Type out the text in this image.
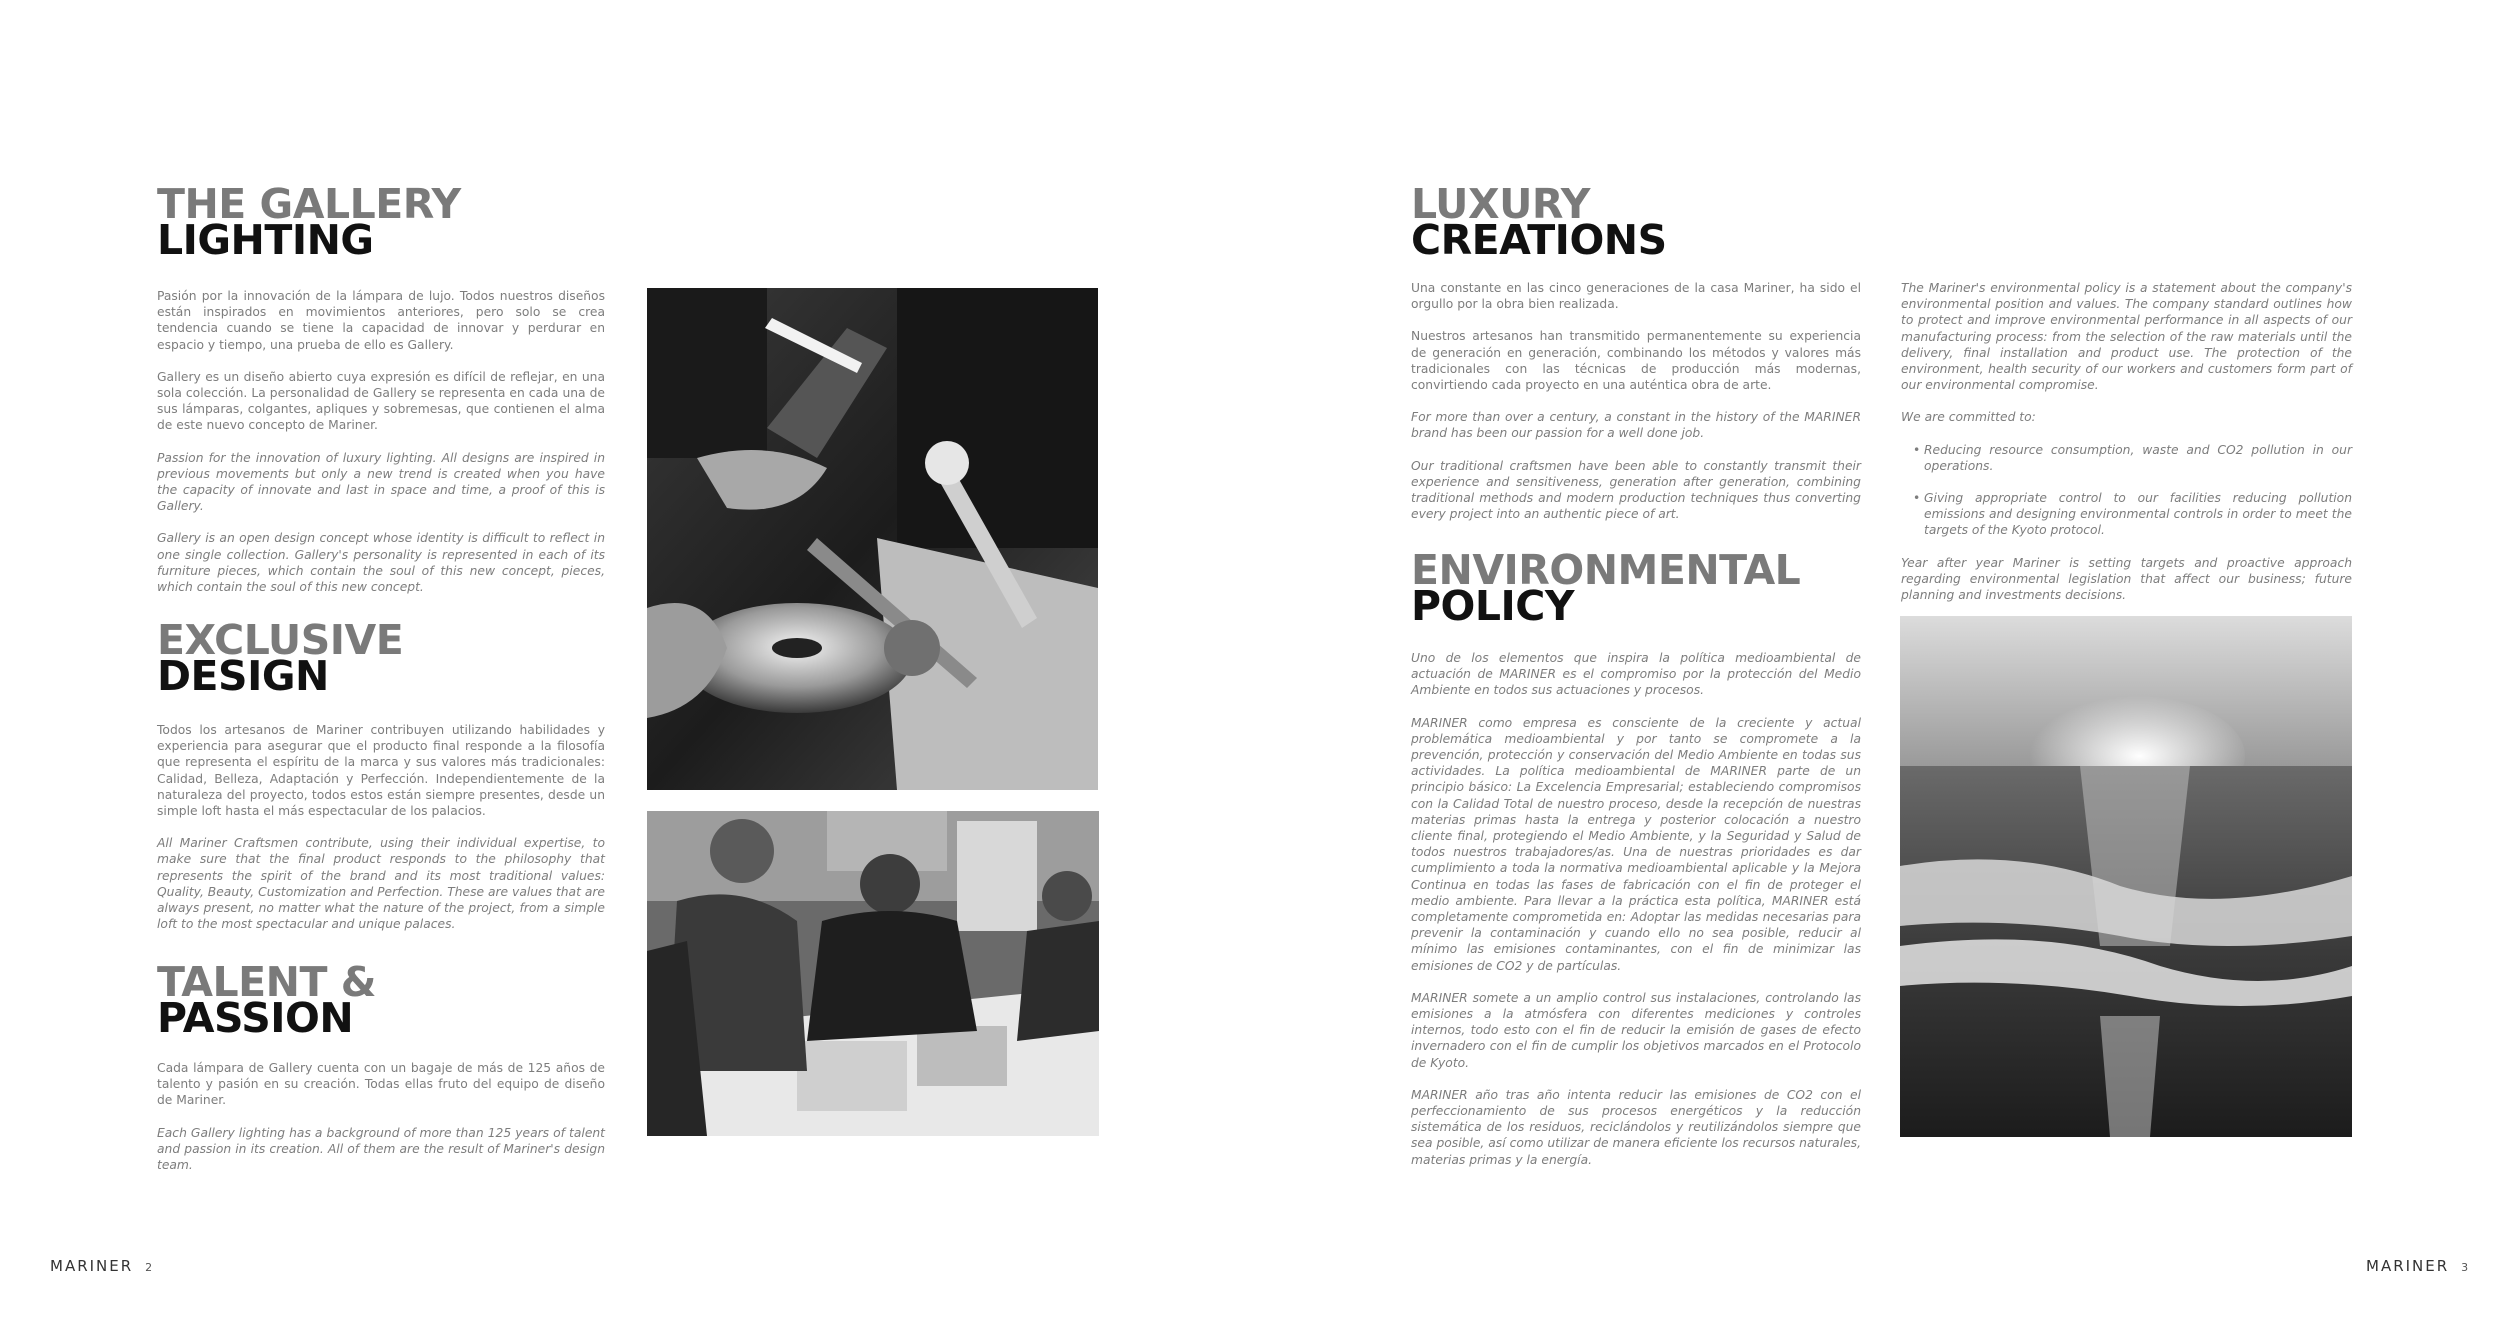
THE GALLERY
LIGHTING

Pasión por la innovación de la lámpara de lujo. Todos nuestros diseños están inspirados en movimientos anteriores, pero solo se crea tendencia cuando se tiene la capacidad de innovar y perdurar en espacio y tiempo, una prueba de ello es Gallery.

Gallery es un diseño abierto cuya expresión es difícil de reflejar, en una sola colección. La personalidad de Gallery se representa en cada una de sus lámparas, colgantes, apliques y sobremesas, que contienen el alma de este nuevo concepto de Mariner.

Passion for the innovation of luxury lighting. All designs are inspired in previous movements but only a new trend is created when you have the capacity of innovate and last in space and time, a proof of this is Gallery.

Gallery is an open design concept whose identity is difficult to reflect in one single collection. Gallery's personality is represented in each of its furniture pieces, which contain the soul of this new concept, pieces, which contain the soul of this new concept.

EXCLUSIVE
DESIGN

Todos los artesanos de Mariner contribuyen utilizando habilidades y experiencia para asegurar que el producto final responde a la filosofía que representa el espíritu de la marca y sus valores más tradicionales: Calidad, Belleza, Adaptación y Perfección. Independientemente de la naturaleza del proyecto, todos estos están siempre presentes, desde un simple loft hasta el más espectacular de los palacios.

All Mariner Craftsmen contribute, using their individual expertise, to make sure that the final product responds to the philosophy that represents the spirit of the brand and its most traditional values: Quality, Beauty, Customization and Perfection. These are values that are always present, no matter what the nature of the project, from a simple loft to the most spectacular and unique palaces.

TALENT &
PASSION

Cada lámpara de Gallery cuenta con un bagaje de más de 125 años de talento y pasión en su creación. Todas ellas fruto del equipo de diseño de Mariner.

Each Gallery lighting has a background of more than 125 years of talent and passion in its creation. All of them are the result of Mariner's design team.

MARINER 2
LUXURY
CREATIONS

Una constante en las cinco generaciones de la casa Mariner, ha sido el orgullo por la obra bien realizada.

Nuestros artesanos han transmitido permanentemente su experiencia de generación en generación, combinando los métodos y valores más tradicionales con las técnicas de producción más modernas, convirtiendo cada proyecto en una auténtica obra de arte.

For more than over a century, a constant in the history of the MARINER brand has been our passion for a well done job.

Our traditional craftsmen have been able to constantly transmit their experience and sensitiveness, generation after generation, combining traditional methods and modern production techniques thus converting every project into an authentic piece of art.

ENVIRONMENTAL
POLICY

Uno de los elementos que inspira la política medioambiental de actuación de MARINER es el compromiso por la protección del Medio Ambiente en todos sus actuaciones y procesos.

MARINER como empresa es consciente de la creciente y actual problemática medioambiental y por tanto se compromete a la prevención, protección y conservación del Medio Ambiente en todas sus actividades. La política medioambiental de MARINER parte de un principio básico: La Excelencia Empresarial; estableciendo compromisos con la Calidad Total de nuestro proceso, desde la recepción de nuestras materias primas hasta la entrega y posterior colocación a nuestro cliente final, protegiendo el Medio Ambiente, y la Seguridad y Salud de todos nuestros trabajadores/as. Una de nuestras prioridades es dar cumplimiento a toda la normativa medioambiental aplicable y la Mejora Continua en todas las fases de fabricación con el fin de proteger el medio ambiente. Para llevar a la práctica esta política, MARINER está completamente comprometida en: Adoptar las medidas necesarias para prevenir la contaminación y cuando ello no sea posible, reducir al mínimo las emisiones contaminantes, con el fin de minimizar las emisiones de CO2 y de partículas.

MARINER somete a un amplio control sus instalaciones, controlando las emisiones a la atmósfera con diferentes mediciones y controles internos, todo esto con el fin de reducir la emisión de gases de efecto invernadero con el fin de cumplir los objetivos marcados en el Protocolo de Kyoto.

MARINER año tras año intenta reducir las emisiones de CO2 con el perfeccionamiento de sus procesos energéticos y la reducción sistemática de los residuos, reciclándolos y reutilizándolos siempre que sea posible, así como utilizar de manera eficiente los recursos naturales, materias primas y la energía.

The Mariner's environmental policy is a statement about the company's environmental position and values. The company standard outlines how to protect and improve environmental performance in all aspects of our manufacturing process: from the selection of the raw materials until the delivery, final installation and product use. The protection of the environment, health security of our workers and customers form part of our environmental compromise.

We are committed to:

• Reducing resource consumption, waste and CO2 pollution in our operations.
• Giving appropriate control to our facilities reducing pollution emissions and designing environmental controls in order to meet the targets of the Kyoto protocol.

Year after year Mariner is setting targets and proactive approach regarding environmental legislation that affect our business; future planning and investments decisions.

MARINER 3
